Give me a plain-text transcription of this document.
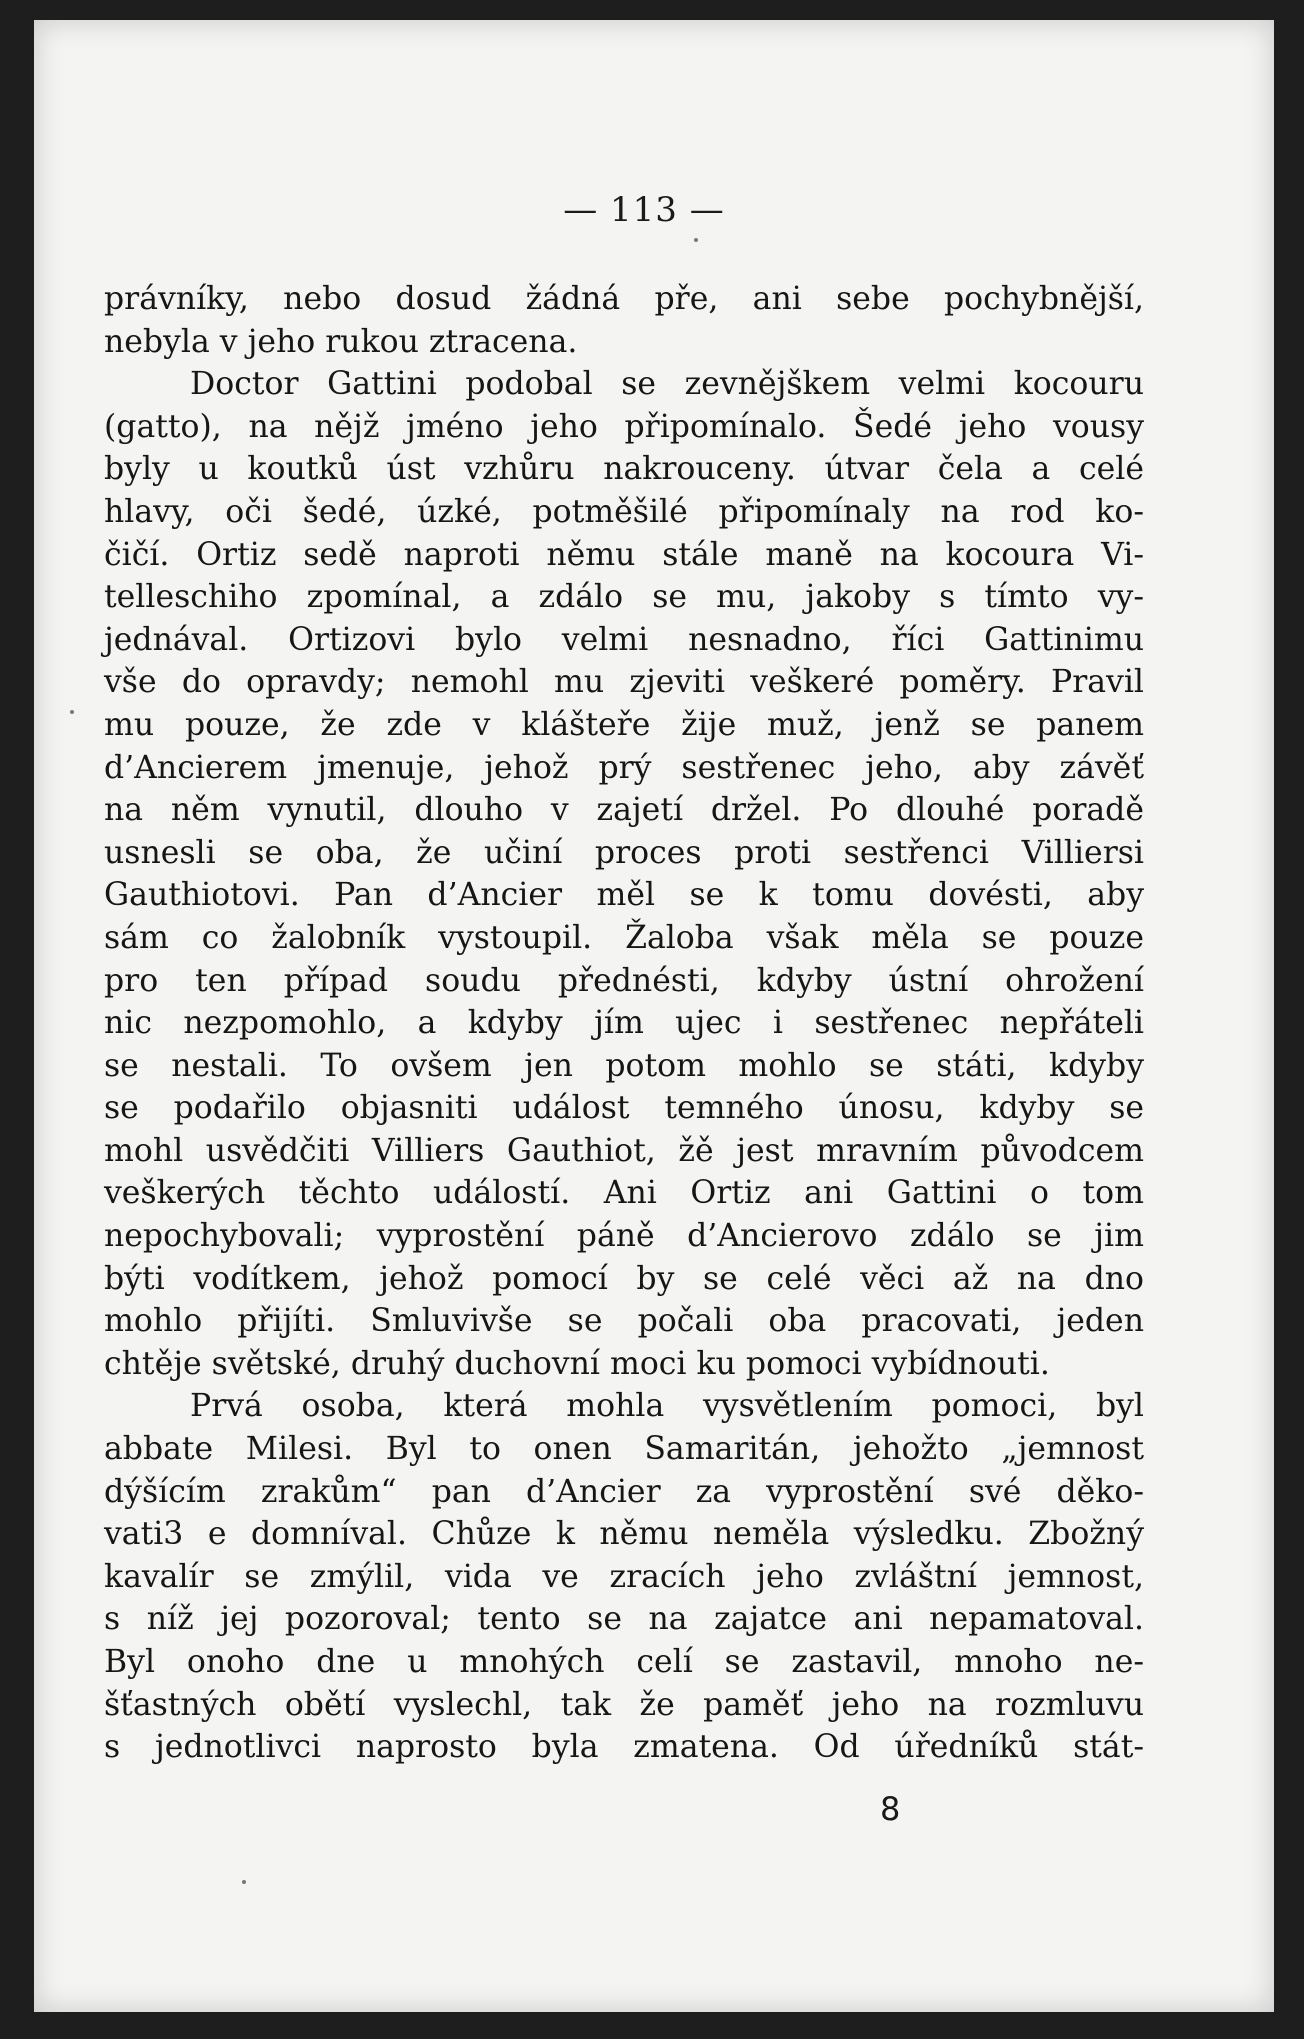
— 113 —
právníky, nebo dosud žádná pře, ani sebe pochybnější,
nebyla v jeho rukou ztracena.
Doctor Gattini podobal se zevnějškem velmi kocouru
(gatto), na nějž jméno jeho připomínalo. Šedé jeho vousy
byly u koutků úst vzhůru nakrouceny. útvar čela a celé
hlavy, oči šedé, úzké, potměšilé připomínaly na rod ko-
čičí. Ortiz sedě naproti němu stále maně na kocoura Vi-
telleschiho zpomínal, a zdálo se mu, jakoby s tímto vy-
jednával. Ortizovi bylo velmi nesnadno, říci Gattinimu
vše do opravdy; nemohl mu zjeviti veškeré poměry. Pravil
mu pouze, že zde v klášteře žije muž, jenž se panem
d’Ancierem jmenuje, jehož prý sestřenec jeho, aby závěť
na něm vynutil, dlouho v zajetí držel. Po dlouhé poradě
usnesli se oba, že učiní proces proti sestřenci Villiersi
Gauthiotovi. Pan d’Ancier měl se k tomu dovésti, aby
sám co žalobník vystoupil. Žaloba však měla se pouze
pro ten případ soudu přednésti, kdyby ústní ohrožení
nic nezpomohlo, a kdyby jím ujec i sestřenec nepřáteli
se nestali. To ovšem jen potom mohlo se státi, kdyby
se podařilo objasniti událost temného únosu, kdyby se
mohl usvědčiti Villiers Gauthiot, žě jest mravním původcem
veškerých těchto událostí. Ani Ortiz ani Gattini o tom
nepochybovali; vyprostění páně d’Ancierovo zdálo se jim
býti vodítkem, jehož pomocí by se celé věci až na dno
mohlo přijíti. Smluvivše se počali oba pracovati, jeden
chtěje světské, druhý duchovní moci ku pomoci vybídnouti.
Prvá osoba, která mohla vysvětlením pomoci, byl
abbate Milesi. Byl to onen Samaritán, jehožto „jemnost
dýšícím zrakům“ pan d’Ancier za vyprostění své děko-
vati3 e domníval. Chůze k němu neměla výsledku. Zbožný
kavalír se zmýlil, vida ve zracích jeho zvláštní jemnost,
s níž jej pozoroval; tento se na zajatce ani nepamatoval.
Byl onoho dne u mnohých celí se zastavil, mnoho ne-
šťastných obětí vyslechl, tak že paměť jeho na rozmluvu
s jednotlivci naprosto byla zmatena. Od úředníků stát-
8
